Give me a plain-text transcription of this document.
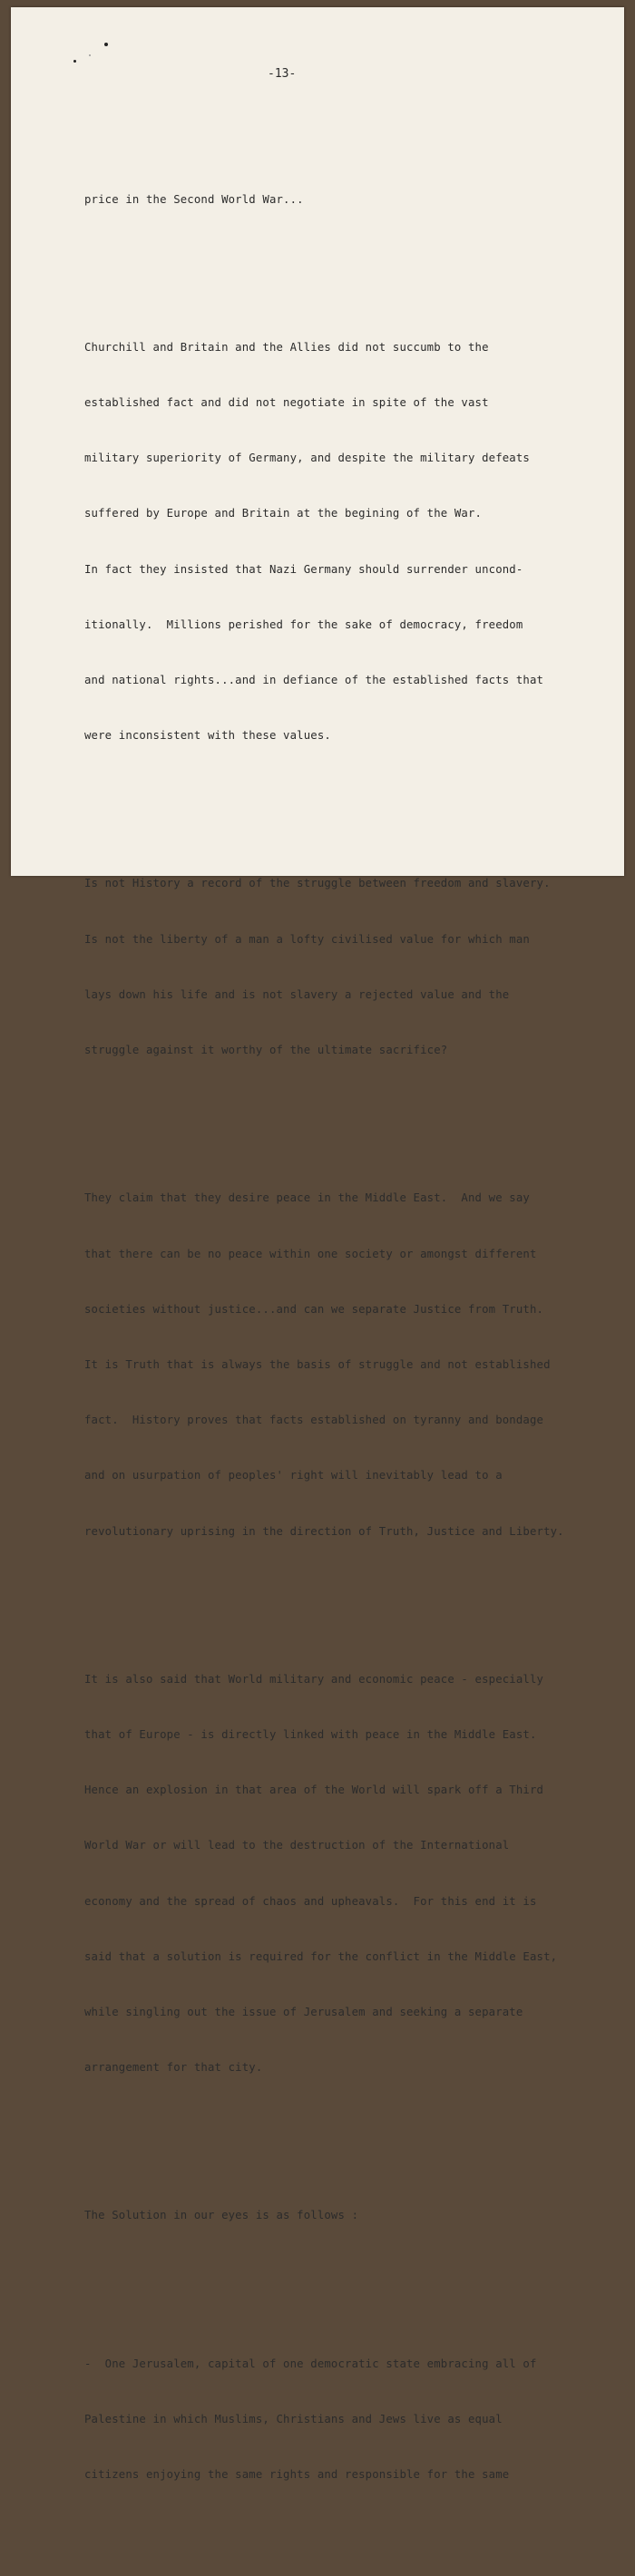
-13-

price in the Second World War...

Churchill and Britain and the Allies did not succumb to the

established fact and did not negotiate in spite of the vast

military superiority of Germany, and despite the military defeats

suffered by Europe and Britain at the begining of the War.

In fact they insisted that Nazi Germany should surrender uncond-

itionally.  Millions perished for the sake of democracy, freedom

and national rights...and in defiance of the established facts that

were inconsistent with these values.

Is not History a record of the struggle between freedom and slavery.

Is not the liberty of a man a lofty civilised value for which man

lays down his life and is not slavery a rejected value and the

struggle against it worthy of the ultimate sacrifice?

They claim that they desire peace in the Middle East.  And we say

that there can be no peace within one society or amongst different

societies without justice...and can we separate Justice from Truth.

It is Truth that is always the basis of struggle and not established

fact.  History proves that facts established on tyranny and bondage

and on usurpation of peoples' right will inevitably lead to a

revolutionary uprising in the direction of Truth, Justice and Liberty.

It is also said that World military and economic peace - especially

that of Europe - is directly linked with peace in the Middle East.

Hence an explosion in that area of the World will spark off a Third

World War or will lead to the destruction of the International

economy and the spread of chaos and upheavals.  For this end it is

said that a solution is required for the conflict in the Middle East,

while singling out the issue of Jerusalem and seeking a separate

arrangement for that city.

The Solution in our eyes is as follows :

-  One Jerusalem, capital of one democratic state embracing all of

Palestine in which Muslims, Christians and Jews live as equal

citizens enjoying the same rights and responsible for the same
